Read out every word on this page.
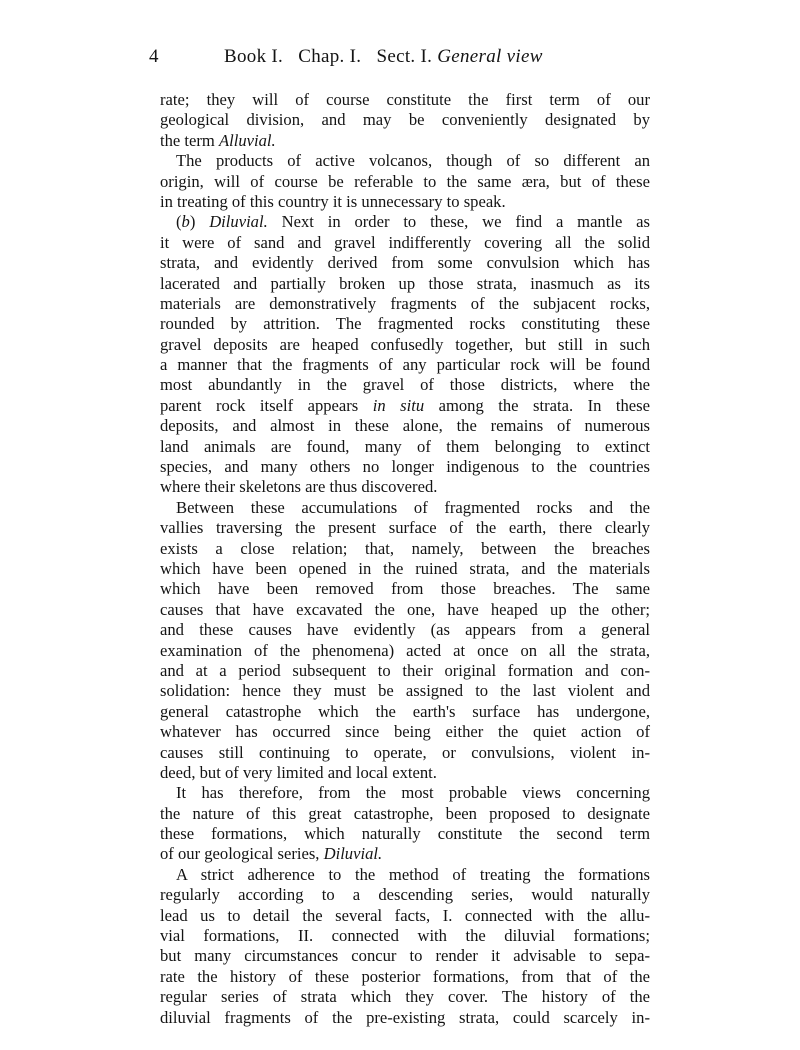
4	Book I.   Chap. I.   Sect. I. General view
rate; they will of course constitute the first term of our
geological division, and may be conveniently designated by
the term Alluvial.
The products of active volcanos, though of so different an
origin, will of course be referable to the same æra, but of these
in treating of this country it is unnecessary to speak.
(b) Diluvial. Next in order to these, we find a mantle as
it were of sand and gravel indifferently covering all the solid
strata, and evidently derived from some convulsion which has
lacerated and partially broken up those strata, inasmuch as its
materials are demonstratively fragments of the subjacent rocks,
rounded by attrition. The fragmented rocks constituting these
gravel deposits are heaped confusedly together, but still in such
a manner that the fragments of any particular rock will be found
most abundantly in the gravel of those districts, where the
parent rock itself appears in situ among the strata. In these
deposits, and almost in these alone, the remains of numerous
land animals are found, many of them belonging to extinct
species, and many others no longer indigenous to the countries
where their skeletons are thus discovered.
Between these accumulations of fragmented rocks and the
vallies traversing the present surface of the earth, there clearly
exists a close relation; that, namely, between the breaches
which have been opened in the ruined strata, and the materials
which have been removed from those breaches. The same
causes that have excavated the one, have heaped up the other;
and these causes have evidently (as appears from a general
examination of the phenomena) acted at once on all the strata,
and at a period subsequent to their original formation and con-
solidation: hence they must be assigned to the last violent and
general catastrophe which the earth's surface has undergone,
whatever has occurred since being either the quiet action of
causes still continuing to operate, or convulsions, violent in-
deed, but of very limited and local extent.
It has therefore, from the most probable views concerning
the nature of this great catastrophe, been proposed to designate
these formations, which naturally constitute the second term
of our geological series, Diluvial.
A strict adherence to the method of treating the formations
regularly according to a descending series, would naturally
lead us to detail the several facts, I. connected with the allu-
vial formations, II. connected with the diluvial formations;
but many circumstances concur to render it advisable to sepa-
rate the history of these posterior formations, from that of the
regular series of strata which they cover. The history of the
diluvial fragments of the pre-existing strata, could scarcely in-
